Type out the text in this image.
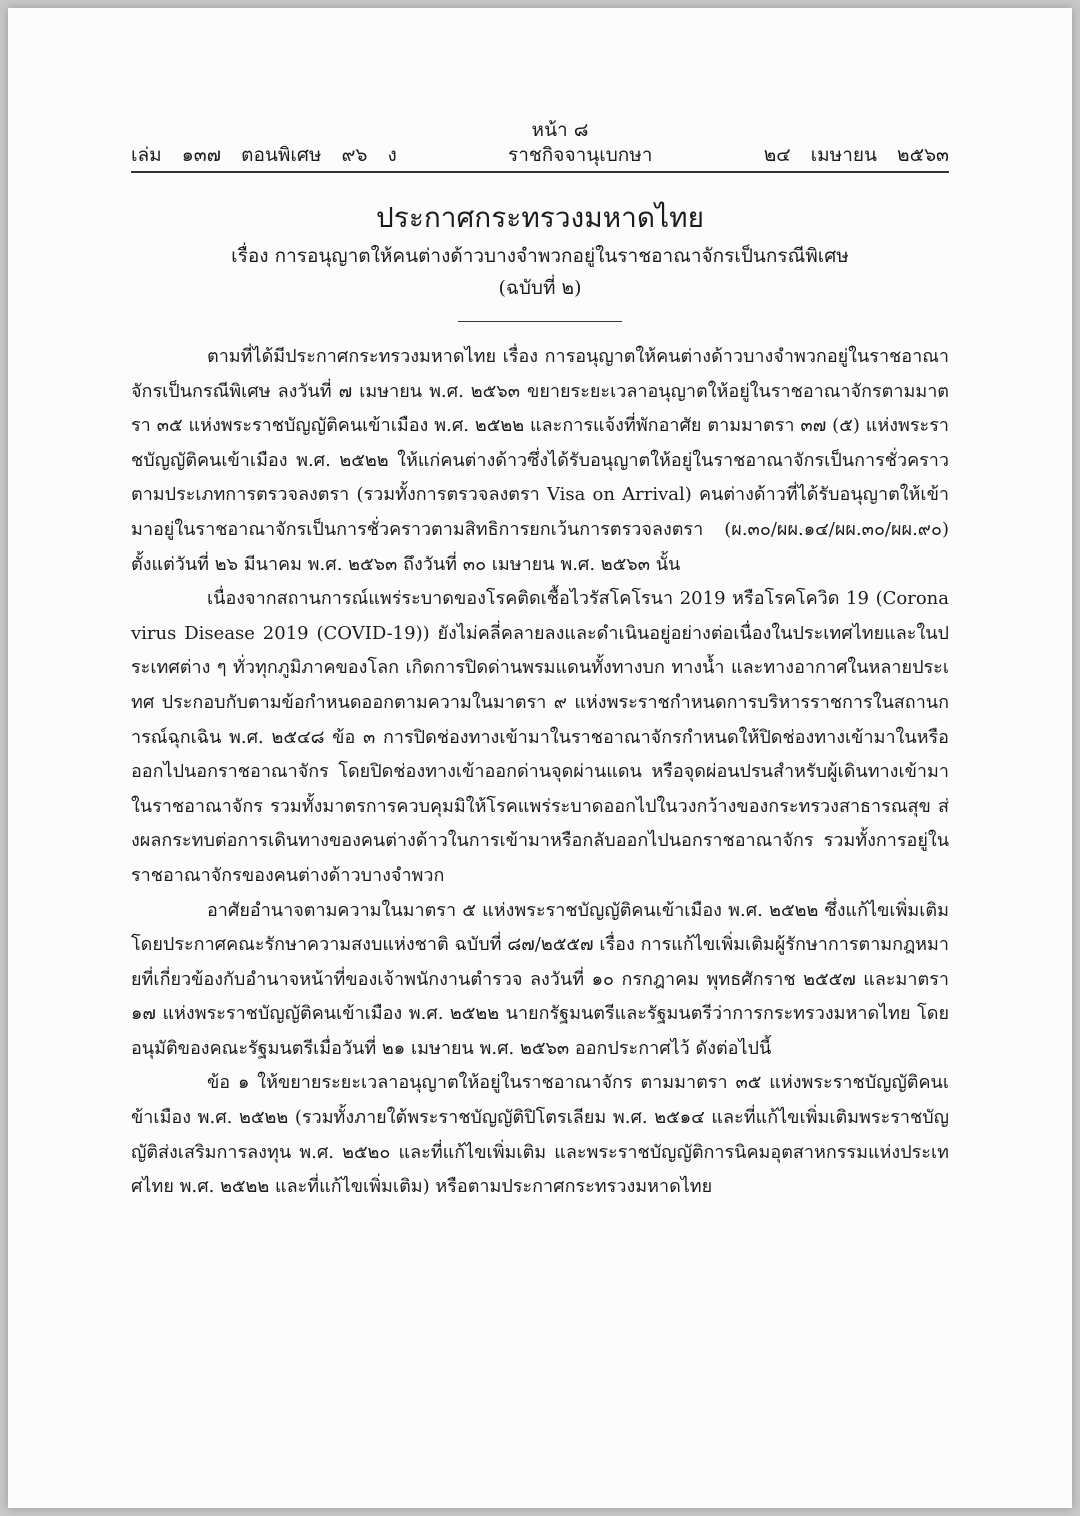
หน้า ๘
เล่ม ๑๓๗ ตอนพิเศษ ๙๖ ง	ราชกิจจานุเบกษา	๒๔ เมษายน ๒๕๖๓
ประกาศกระทรวงมหาดไทย
เรื่อง การอนุญาตให้คนต่างด้าวบางจำพวกอยู่ในราชอาณาจักรเป็นกรณีพิเศษ
(ฉบับที่ ๒)

ตามที่ได้มีประกาศกระทรวงมหาดไทย เรื่อง การอนุญาตให้คนต่างด้าวบางจำพวกอยู่ในราชอาณาจักรเป็นกรณีพิเศษ ลงวันที่ ๗ เมษายน พ.ศ. ๒๕๖๓ ขยายระยะเวลาอนุญาตให้อยู่ในราชอาณาจักรตามมาตรา ๓๕ แห่งพระราชบัญญัติคนเข้าเมือง พ.ศ. ๒๕๒๒ และการแจ้งที่พักอาศัย ตามมาตรา ๓๗ (๕) แห่งพระราชบัญญัติคนเข้าเมือง พ.ศ. ๒๕๒๒ ให้แก่คนต่างด้าวซึ่งได้รับอนุญาตให้อยู่ในราชอาณาจักรเป็นการชั่วคราวตามประเภทการตรวจลงตรา (รวมทั้งการตรวจลงตรา Visa on Arrival) คนต่างด้าวที่ได้รับอนุญาตให้เข้ามาอยู่ในราชอาณาจักรเป็นการชั่วคราวตามสิทธิการยกเว้นการตรวจลงตรา (ผ.๓๐/ผผ.๑๔/ผผ.๓๐/ผผ.๙๐) ตั้งแต่วันที่ ๒๖ มีนาคม พ.ศ. ๒๕๖๓ ถึงวันที่ ๓๐ เมษายน พ.ศ. ๒๕๖๓ นั้น

เนื่องจากสถานการณ์แพร่ระบาดของโรคติดเชื้อไวรัสโคโรนา 2019 หรือโรคโควิด 19 (Coronavirus Disease 2019 (COVID-19)) ยังไม่คลี่คลายลงและดำเนินอยู่อย่างต่อเนื่องในประเทศไทยและในประเทศต่าง ๆ ทั่วทุกภูมิภาคของโลก เกิดการปิดด่านพรมแดนทั้งทางบก ทางน้ำ และทางอากาศในหลายประเทศ ประกอบกับตามข้อกำหนดออกตามความในมาตรา ๙ แห่งพระราชกำหนดการบริหารราชการในสถานการณ์ฉุกเฉิน พ.ศ. ๒๕๔๘ ข้อ ๓ การปิดช่องทางเข้ามาในราชอาณาจักรกำหนดให้ปิดช่องทางเข้ามาในหรือออกไปนอกราชอาณาจักร โดยปิดช่องทางเข้าออกด่านจุดผ่านแดน หรือจุดผ่อนปรนสำหรับผู้เดินทางเข้ามาในราชอาณาจักร รวมทั้งมาตรการควบคุมมิให้โรคแพร่ระบาดออกไปในวงกว้างของกระทรวงสาธารณสุข ส่งผลกระทบต่อการเดินทางของคนต่างด้าวในการเข้ามาหรือกลับออกไปนอกราชอาณาจักร รวมทั้งการอยู่ในราชอาณาจักรของคนต่างด้าวบางจำพวก

อาศัยอำนาจตามความในมาตรา ๕ แห่งพระราชบัญญัติคนเข้าเมือง พ.ศ. ๒๕๒๒ ซึ่งแก้ไขเพิ่มเติมโดยประกาศคณะรักษาความสงบแห่งชาติ ฉบับที่ ๘๗/๒๕๕๗ เรื่อง การแก้ไขเพิ่มเติมผู้รักษาการตามกฎหมายที่เกี่ยวข้องกับอำนาจหน้าที่ของเจ้าพนักงานตำรวจ ลงวันที่ ๑๐ กรกฎาคม พุทธศักราช ๒๕๕๗ และมาตรา ๑๗ แห่งพระราชบัญญัติคนเข้าเมือง พ.ศ. ๒๕๒๒ นายกรัฐมนตรีและรัฐมนตรีว่าการกระทรวงมหาดไทย โดยอนุมัติของคณะรัฐมนตรีเมื่อวันที่ ๒๑ เมษายน พ.ศ. ๒๕๖๓ ออกประกาศไว้ ดังต่อไปนี้

ข้อ ๑ ให้ขยายระยะเวลาอนุญาตให้อยู่ในราชอาณาจักร ตามมาตรา ๓๕ แห่งพระราชบัญญัติคนเข้าเมือง พ.ศ. ๒๕๒๒ (รวมทั้งภายใต้พระราชบัญญัติปิโตรเลียม พ.ศ. ๒๕๑๔ และที่แก้ไขเพิ่มเติมพระราชบัญญัติส่งเสริมการลงทุน พ.ศ. ๒๕๒๐ และที่แก้ไขเพิ่มเติม และพระราชบัญญัติการนิคมอุตสาหกรรมแห่งประเทศไทย พ.ศ. ๒๕๒๒ และที่แก้ไขเพิ่มเติม) หรือตามประกาศกระทรวงมหาดไทย
